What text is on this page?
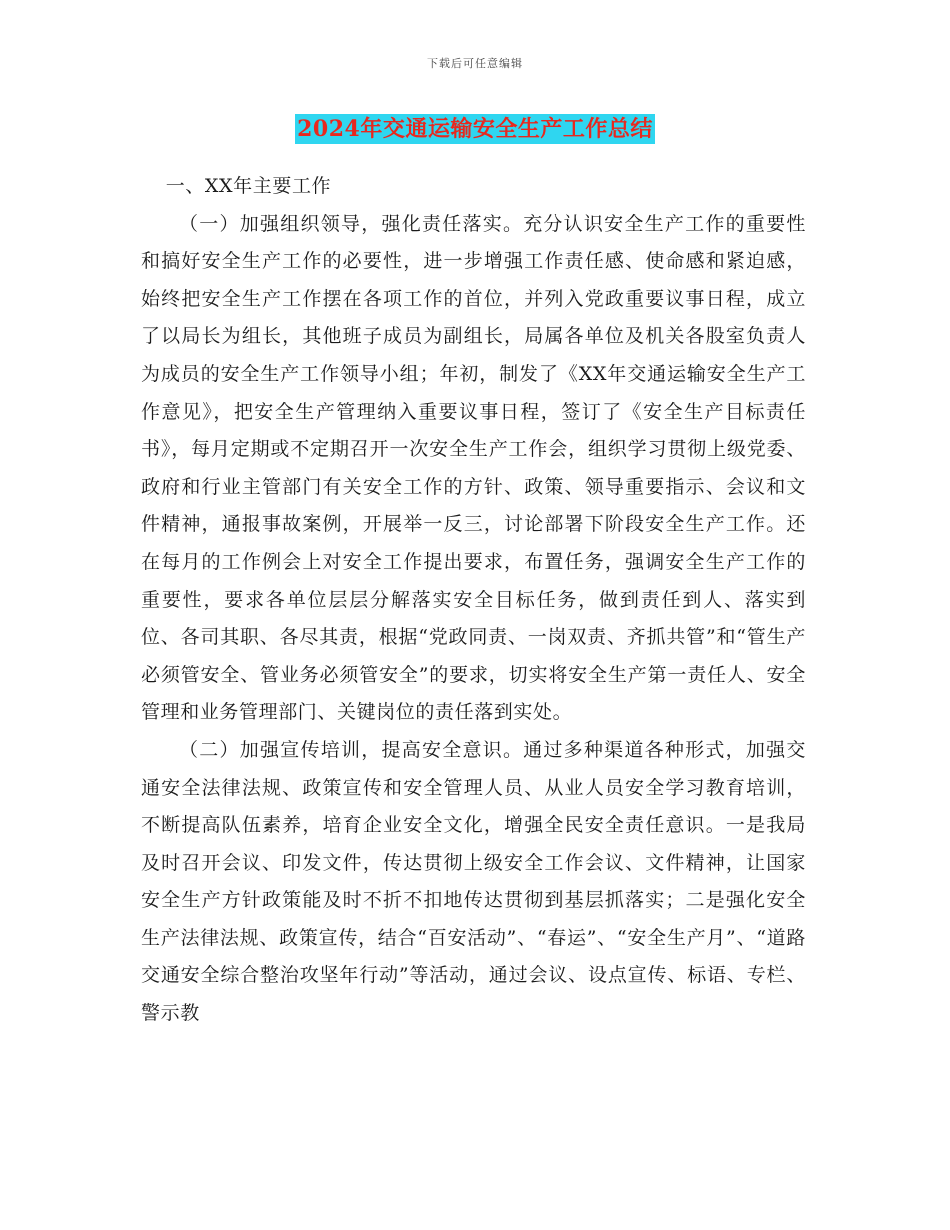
下载后可任意编辑
2024年交通运输安全生产工作总结

一、XX年主要工作

（一）加强组织领导，强化责任落实。充分认识安全生产工作的重要性和搞好安全生产工作的必要性，进一步增强工作责任感、使命感和紧迫感，始终把安全生产工作摆在各项工作的首位，并列入党政重要议事日程，成立了以局长为组长，其他班子成员为副组长，局属各单位及机关各股室负责人为成员的安全生产工作领导小组；年初，制发了《XX年交通运输安全生产工作意见》，把安全生产管理纳入重要议事日程，签订了《安全生产目标责任书》，每月定期或不定期召开一次安全生产工作会，组织学习贯彻上级党委、政府和行业主管部门有关安全工作的方针、政策、领导重要指示、会议和文件精神，通报事故案例，开展举一反三，讨论部署下阶段安全生产工作。还在每月的工作例会上对安全工作提出要求，布置任务，强调安全生产工作的重要性，要求各单位层层分解落实安全目标任务，做到责任到人、落实到位、各司其职、各尽其责，根据“党政同责、一岗双责、齐抓共管”和“管生产必须管安全、管业务必须管安全”的要求，切实将安全生产第一责任人、安全管理和业务管理部门、关键岗位的责任落到实处。

（二）加强宣传培训，提高安全意识。通过多种渠道各种形式，加强交通安全法律法规、政策宣传和安全管理人员、从业人员安全学习教育培训，不断提高队伍素养，培育企业安全文化，增强全民安全责任意识。一是我局及时召开会议、印发文件，传达贯彻上级安全工作会议、文件精神，让国家安全生产方针政策能及时不折不扣地传达贯彻到基层抓落实；二是强化安全生产法律法规、政策宣传，结合“百安活动”、“春运”、“安全生产月”、“道路交通安全综合整治攻坚年行动”等活动，通过会议、设点宣传、标语、专栏、警示教
